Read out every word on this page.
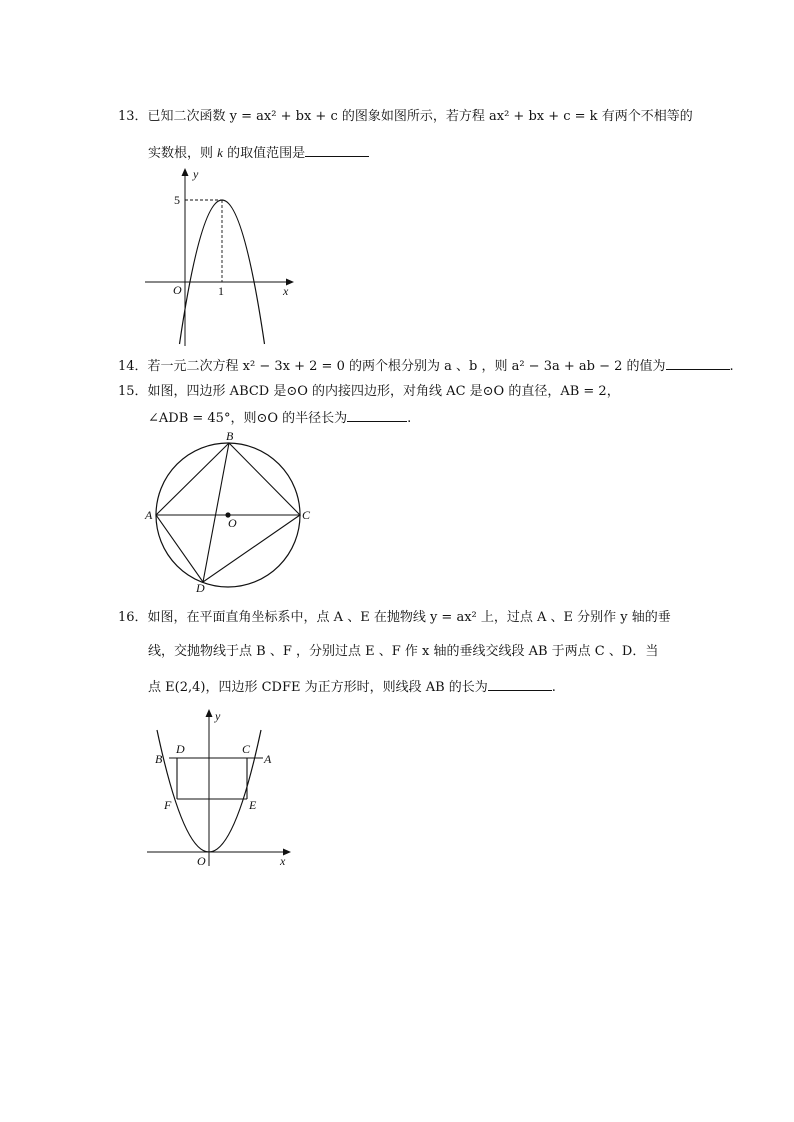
13．已知二次函数 y = ax² + bx + c 的图象如图所示，若方程 ax² + bx + c = k 有两个不相等的
实数根，则 k 的取值范围是
y
x
O
5
1
14．若一元二次方程 x² − 3x + 2 = 0 的两个根分别为 a 、b ，则 a² − 3a + ab − 2 的值为	.
15．如图，四边形 ABCD 是⊙O 的内接四边形，对角线 AC 是⊙O 的直径，AB = 2，
∠ADB = 45°，则⊙O 的半径长为	.
A
B
C
D
O
16．如图，在平面直角坐标系中，点 A 、E 在抛物线 y = ax² 上，过点 A 、E 分别作 y 轴的垂
线，交抛物线于点 B 、F ，分别过点 E 、F 作 x 轴的垂线交线段 AB 于两点 C 、D．当
点 E(2,4)，四边形 CDFE 为正方形时，则线段 AB 的长为	.
y
x
O
B
D	C
A
F	E
